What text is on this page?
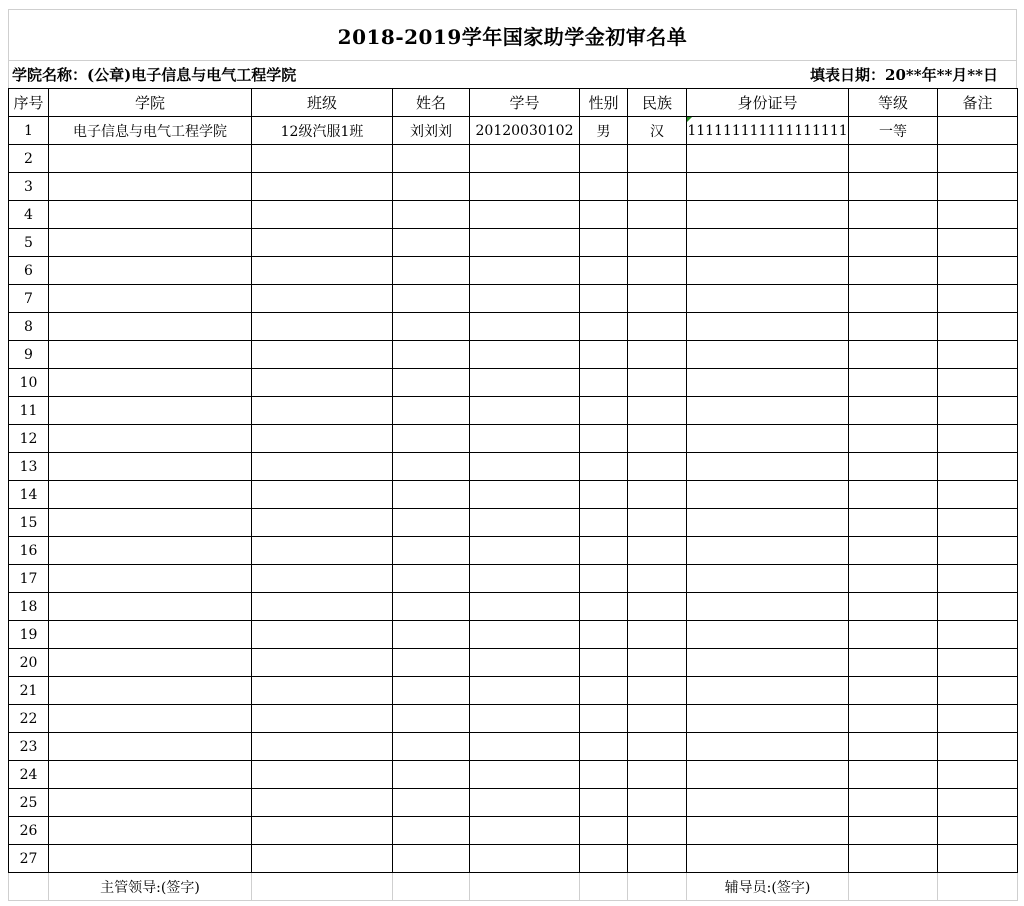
2018-2019学年国家助学金初审名单
学院名称：(公章)电子信息与电气工程学院	填表日期：20**年**月**日
序号	学院	班级	姓名	学号	性别	民族	身份证号	等级	备注
1	电子信息与电气工程学院	12级汽服1班	刘刘刘	20120030102	男	汉	111111111111111111	一等	
2									
3									
4									
5									
6									
7									
8									
9									
10									
11									
12									
13									
14									
15									
16									
17									
18									
19									
20									
21									
22									
23									
24									
25									
26									
27									
	主管领导:(签字)						辅导员:(签字)		
